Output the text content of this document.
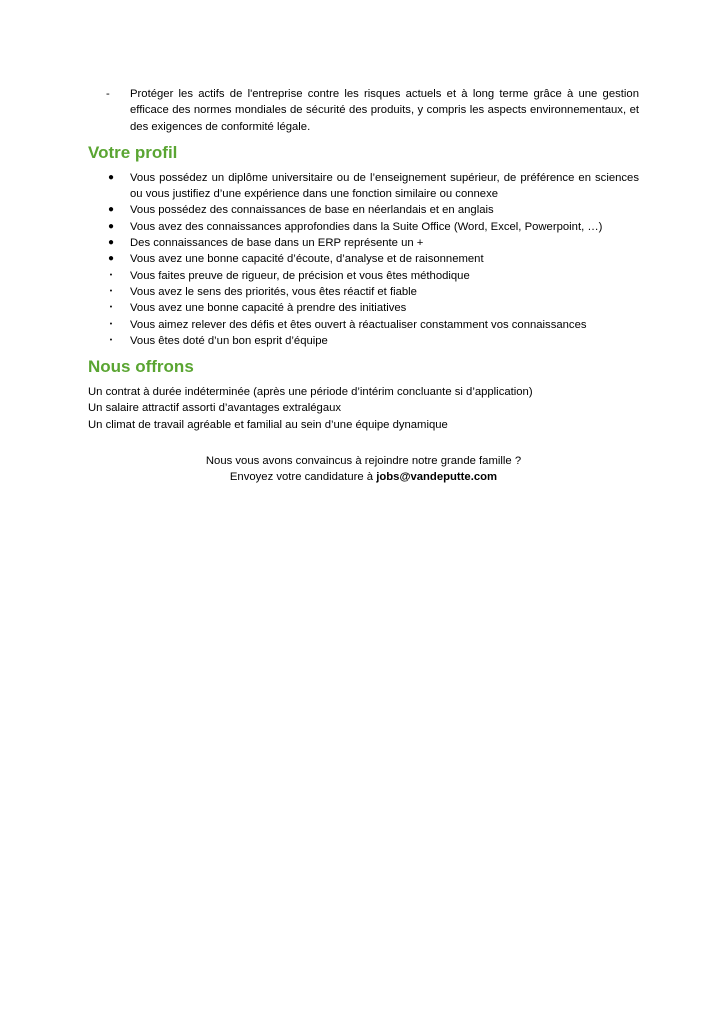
- Protéger les actifs de l'entreprise contre les risques actuels et à long terme grâce à une gestion efficace des normes mondiales de sécurité des produits, y compris les aspects environnementaux, et des exigences de conformité légale.
Votre profil
● Vous possédez un diplôme universitaire ou de l’enseignement supérieur, de préférence en sciences ou vous justifiez d’une expérience dans une fonction similaire ou connexe
● Vous possédez des connaissances de base en néerlandais et en anglais
● Vous avez des connaissances approfondies dans la Suite Office (Word, Excel, Powerpoint, …)
● Des connaissances de base dans un ERP représente un +
● Vous avez une bonne capacité d’écoute, d’analyse et de raisonnement
•	Vous faites preuve de rigueur, de précision et vous êtes méthodique
•	Vous avez le sens des priorités, vous êtes réactif et fiable
•	Vous avez une bonne capacité à prendre des initiatives
•	Vous aimez relever des défis et êtes ouvert à réactualiser constamment vos connaissances
•	Vous êtes doté d’un bon esprit d’équipe
Nous offrons
Un contrat à durée indéterminée (après une période d’intérim concluante si d’application)
Un salaire attractif assorti d’avantages extralégaux
Un climat de travail agréable et familial au sein d’une équipe dynamique
Nous vous avons convaincus à rejoindre notre grande famille ?
Envoyez votre candidature à jobs@vandeputte.com
